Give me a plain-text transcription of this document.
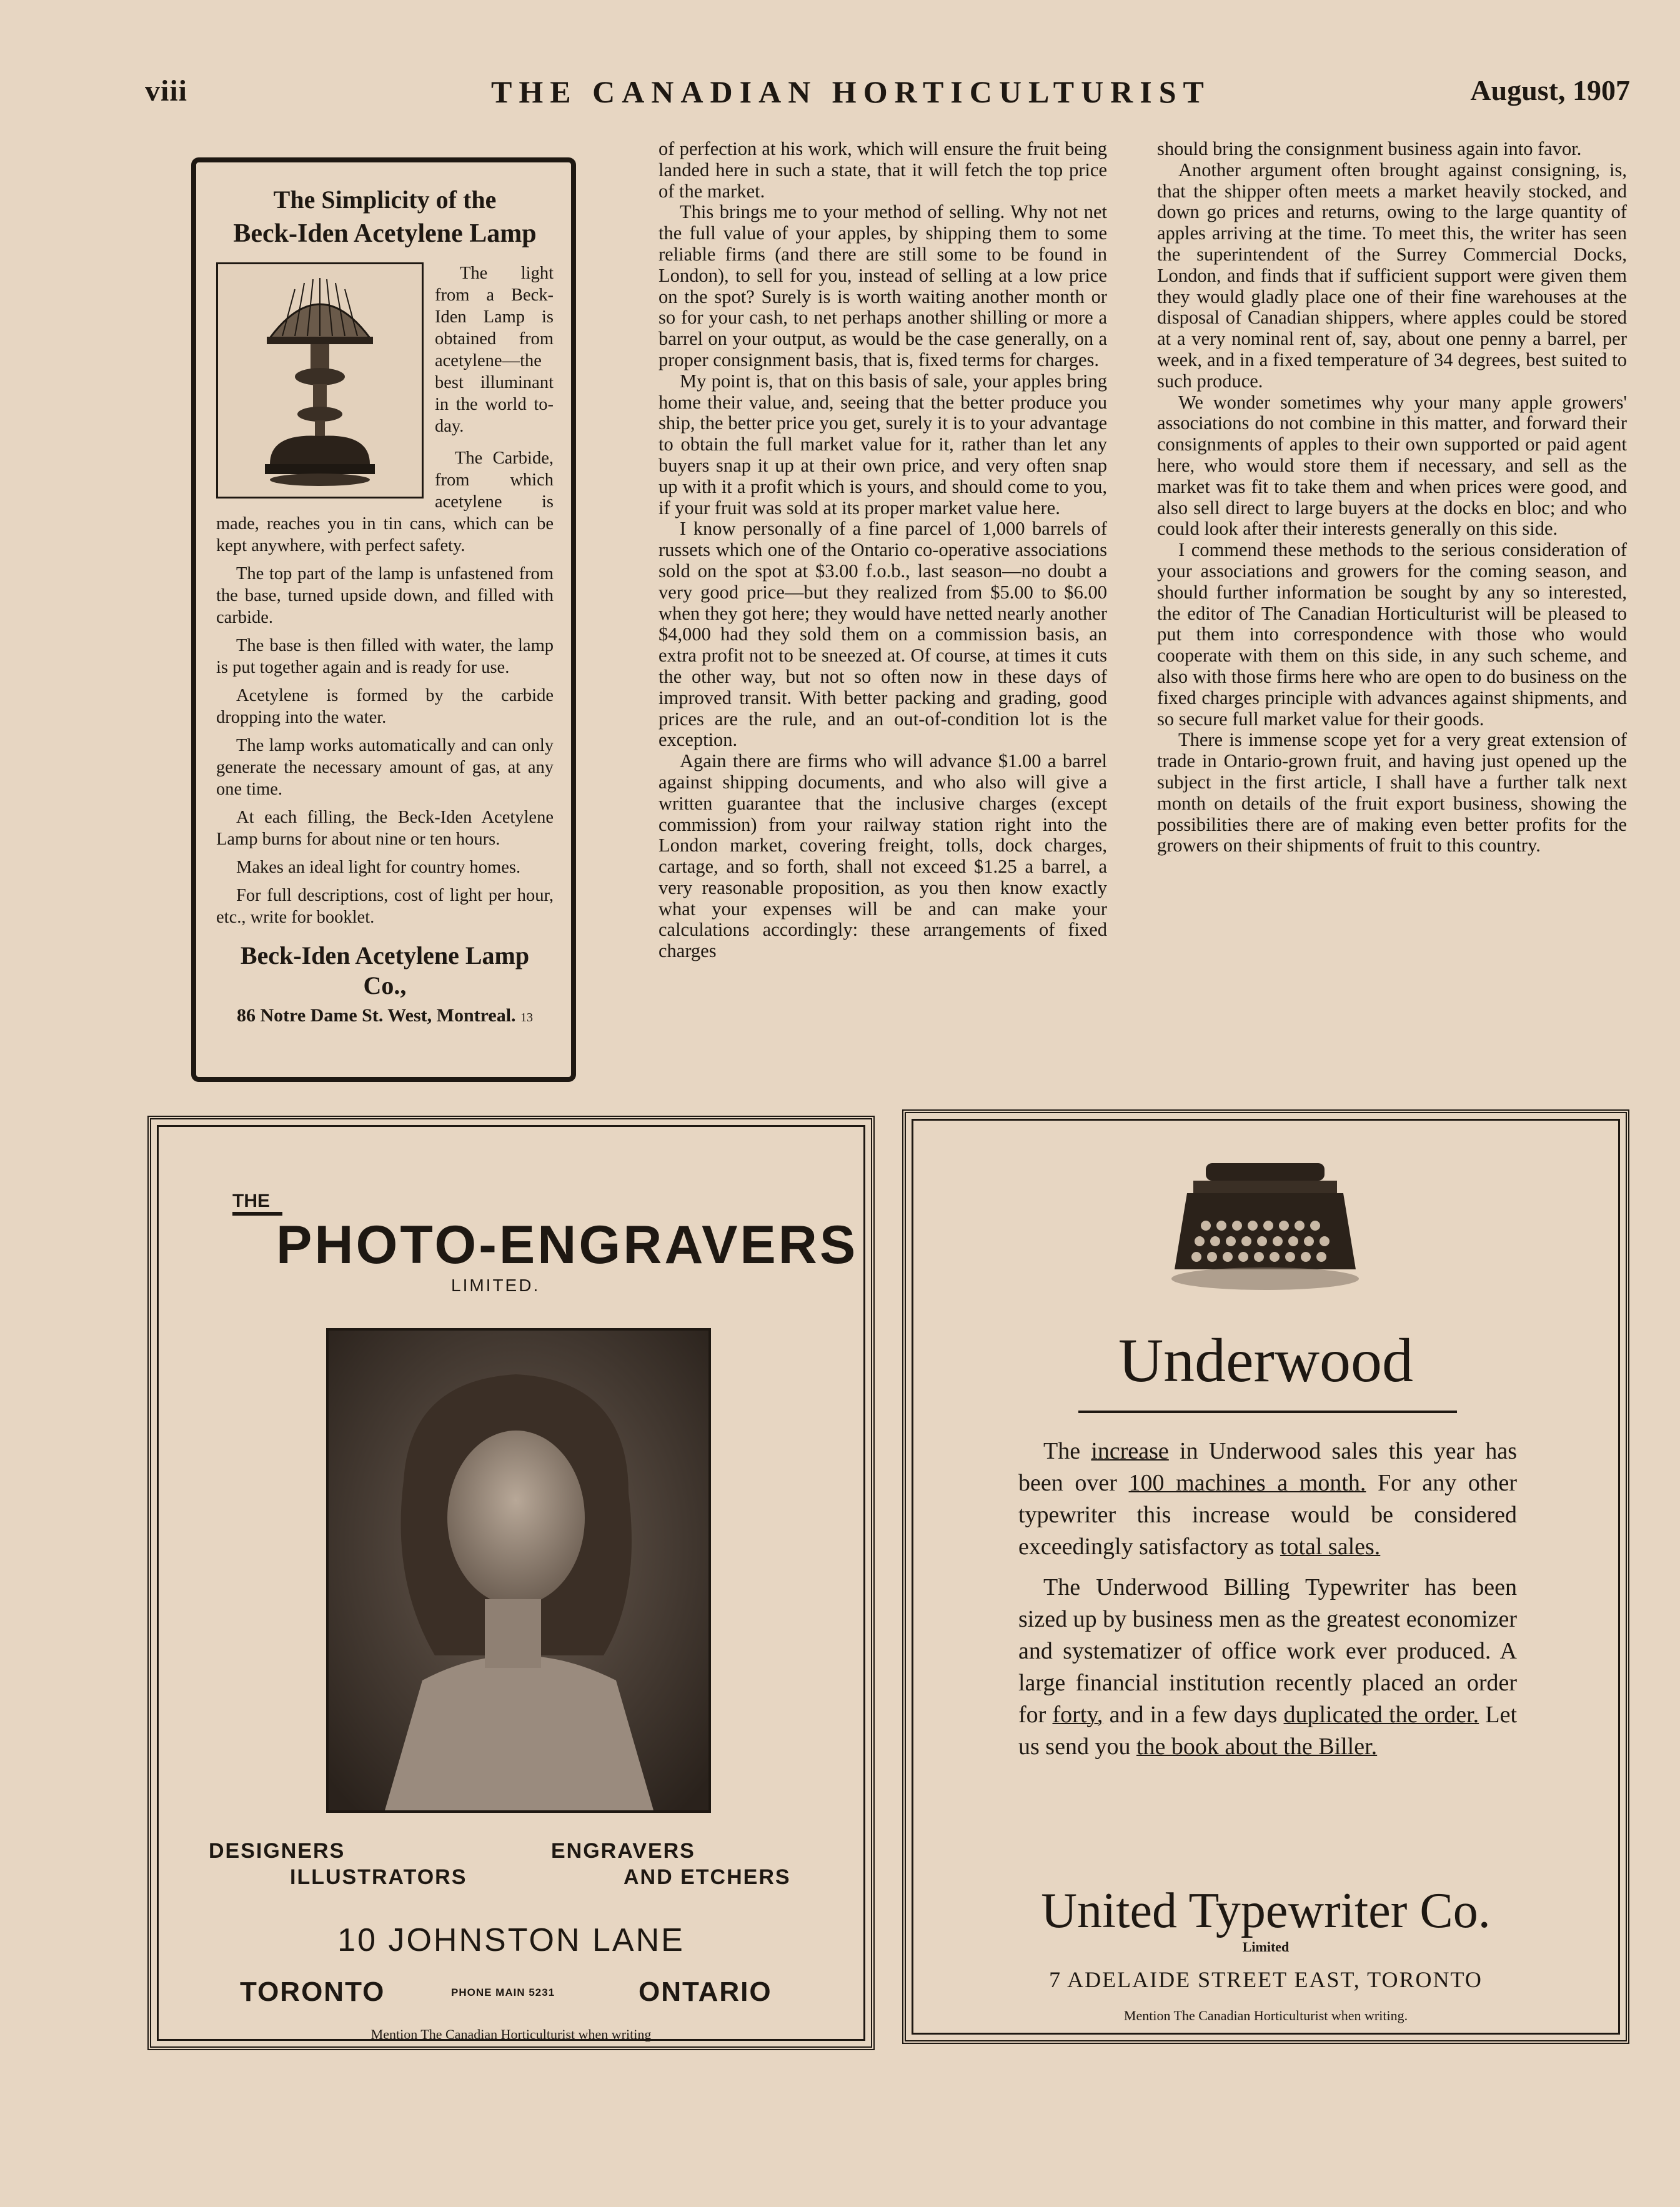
viii	THE CANADIAN HORTICULTURIST	August, 1907
The Simplicity of the
Beck-Iden Acetylene Lamp

The light from a Beck-Iden Lamp is obtained from acetylene—the best illuminant in the world to-day.

The Carbide, from which acetylene is made, reaches you in tin cans, which can be kept anywhere, with perfect safety.

The top part of the lamp is unfastened from the base, turned upside down, and filled with carbide.

The base is then filled with water, the lamp is put together again and is ready for use.

Acetylene is formed by the carbide dropping into the water.

The lamp works automatically and can only generate the necessary amount of gas, at any one time.

At each filling, the Beck-Iden Acetylene Lamp burns for about nine or ten hours.

Makes an ideal light for country homes.

For full descriptions, cost of light per hour, etc., write for booklet.

Beck-Iden Acetylene Lamp Co.,
86 Notre Dame St. West, Montreal. 13

of perfection at his work, which will ensure the fruit being landed here in such a state, that it will fetch the top price of the market.

This brings me to your method of selling. Why not net the full value of your apples, by shipping them to some reliable firms (and there are still some to be found in London), to sell for you, instead of selling at a low price on the spot? Surely is is worth waiting another month or so for your cash, to net perhaps another shilling or more a barrel on your output, as would be the case generally, on a proper consignment basis, that is, fixed terms for charges.

My point is, that on this basis of sale, your apples bring home their value, and, seeing that the better produce you ship, the better price you get, surely it is to your advantage to obtain the full market value for it, rather than let any buyers snap it up at their own price, and very often snap up with it a profit which is yours, and should come to you, if your fruit was sold at its proper market value here.

I know personally of a fine parcel of 1,000 barrels of russets which one of the Ontario co-operative associations sold on the spot at $3.00 f.o.b., last season—no doubt a very good price—but they realized from $5.00 to $6.00 when they got here; they would have netted nearly another $4,000 had they sold them on a commission basis, an extra profit not to be sneezed at. Of course, at times it cuts the other way, but not so often now in these days of improved transit. With better packing and grading, good prices are the rule, and an out-of-condition lot is the exception.

Again there are firms who will advance $1.00 a barrel against shipping documents, and who also will give a written guarantee that the inclusive charges (except commission) from your railway station right into the London market, covering freight, tolls, dock charges, cartage, and so forth, shall not exceed $1.25 a barrel, a very reasonable proposition, as you then know exactly what your expenses will be and can make your calculations accordingly: these arrangements of fixed charges

should bring the consignment business again into favor.

Another argument often brought against consigning, is, that the shipper often meets a market heavily stocked, and down go prices and returns, owing to the large quantity of apples arriving at the time. To meet this, the writer has seen the superintendent of the Surrey Commercial Docks, London, and finds that if sufficient support were given them they would gladly place one of their fine warehouses at the disposal of Canadian shippers, where apples could be stored at a very nominal rent of, say, about one penny a barrel, per week, and in a fixed temperature of 34 degrees, best suited to such produce.

We wonder sometimes why your many apple growers' associations do not combine in this matter, and forward their consignments of apples to their own supported or paid agent here, who would store them if necessary, and sell as the market was fit to take them and when prices were good, and also sell direct to large buyers at the docks en bloc; and who could look after their interests generally on this side.

I commend these methods to the serious consideration of your associations and growers for the coming season, and should further information be sought by any so interested, the editor of The Canadian Horticulturist will be pleased to put them into correspondence with those who would cooperate with them on this side, in any such scheme, and also with those firms here who are open to do business on the fixed charges principle with advances against shipments, and so secure full market value for their goods.

There is immense scope yet for a very great extension of trade in Ontario-grown fruit, and having just opened up the subject in the first article, I shall have a further talk next month on details of the fruit export business, showing the possibilities there are of making even better profits for the growers on their shipments of fruit to this country.

THE
PHOTO-ENGRAVERS
LIMITED.
DESIGNERS	ENGRAVERS
ILLUSTRATORS	AND ETCHERS
10 JOHNSTON LANE
TORONTO	PHONE MAIN 5231	ONTARIO
Mention The Canadian Horticulturist when writing
Underwood

The increase in Underwood sales this year has been over 100 machines a month. For any other typewriter this increase would be considered exceedingly satisfactory as total sales.

The Underwood Billing Typewriter has been sized up by business men as the greatest economizer and systematizer of office work ever produced. A large financial institution recently placed an order for forty, and in a few days duplicated the order. Let us send you the book about the Biller.

United Typewriter Co.
Limited
7 ADELAIDE STREET EAST, TORONTO
Mention The Canadian Horticulturist when writing.
